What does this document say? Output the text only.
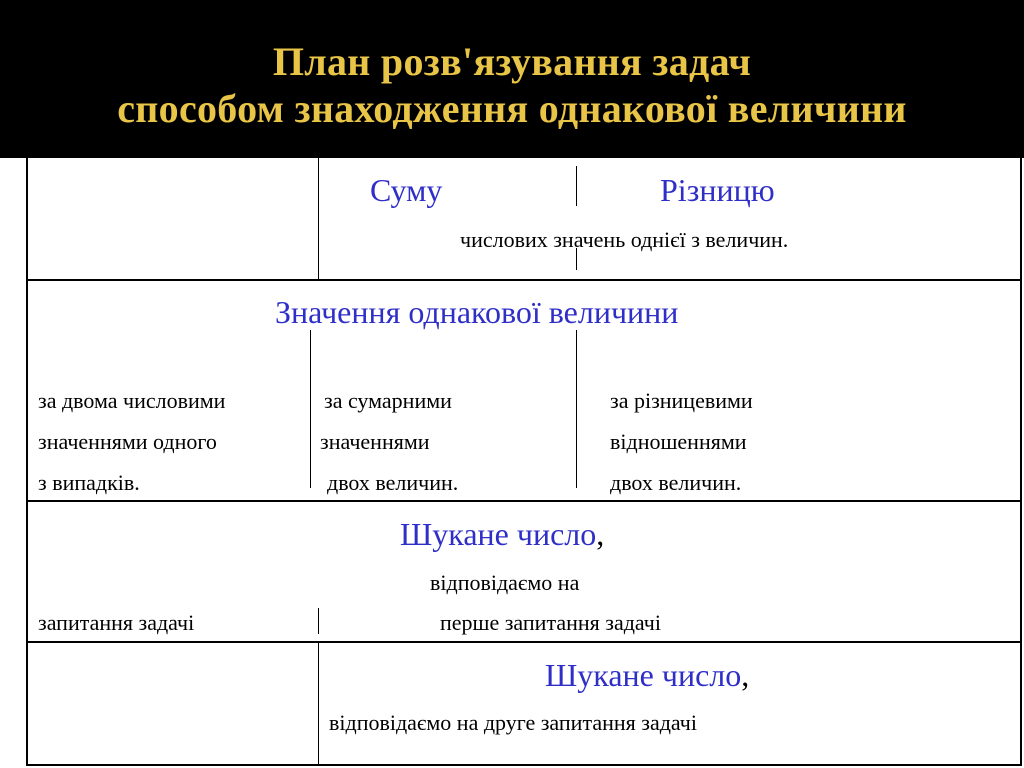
План розв'язування задач
способом знаходження однакової величини
Суму	Різницю
числових значень однієї з величин.
Значення однакової величини
за двома числовими
значеннями одного
з випадків.
за сумарними
значеннями
двох величин.
за різницевими
відношеннями
двох величин.
Шукане число,
відповідаємо на
запитання задачі	перше запитання задачі
Шукане число,
відповідаємо на друге запитання задачі
